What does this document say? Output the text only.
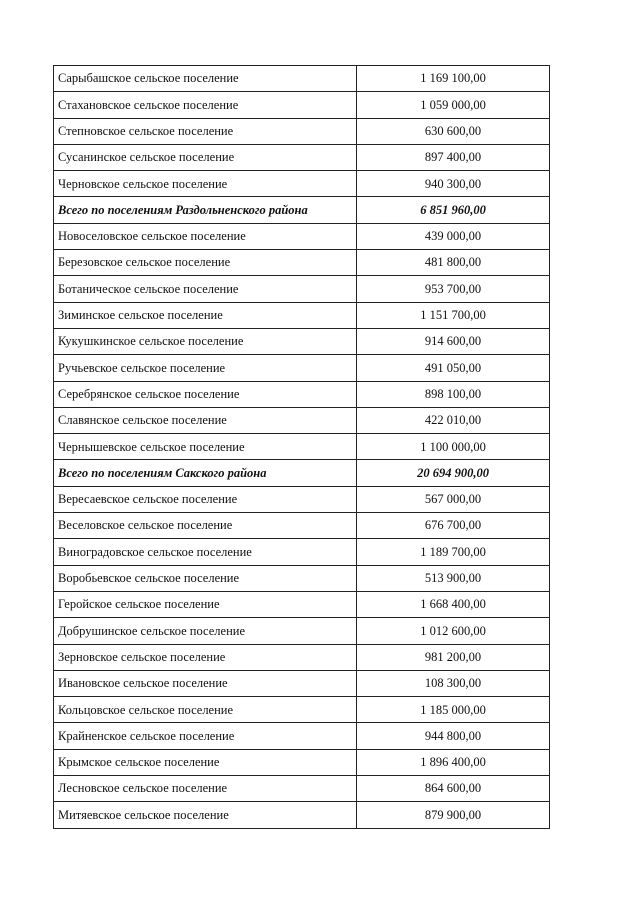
Сарыбашское сельское поселение	1 169 100,00
Стахановское сельское поселение	1 059 000,00
Степновское сельское поселение	630 600,00
Сусанинское сельское поселение	897 400,00
Черновское сельское поселение	940 300,00
Всего по поселениям Раздольненского района	6 851 960,00
Новоселовское сельское поселение	439 000,00
Березовское сельское поселение	481 800,00
Ботаническое сельское поселение	953 700,00
Зиминское сельское поселение	1 151 700,00
Кукушкинское сельское поселение	914 600,00
Ручьевское сельское поселение	491 050,00
Серебрянское сельское поселение	898 100,00
Славянское сельское поселение	422 010,00
Чернышевское сельское поселение	1 100 000,00
Всего по поселениям Сакского района	20 694 900,00
Вересаевское сельское поселение	567 000,00
Веселовское сельское поселение	676 700,00
Виноградовское сельское поселение	1 189 700,00
Воробьевское сельское поселение	513 900,00
Геройское сельское поселение	1 668 400,00
Добрушинское сельское поселение	1 012 600,00
Зерновское сельское поселение	981 200,00
Ивановское сельское поселение	108 300,00
Кольцовское сельское поселение	1 185 000,00
Крайненское сельское поселение	944 800,00
Крымское сельское поселение	1 896 400,00
Лесновское сельское поселение	864 600,00
Митяевское сельское поселение	879 900,00
